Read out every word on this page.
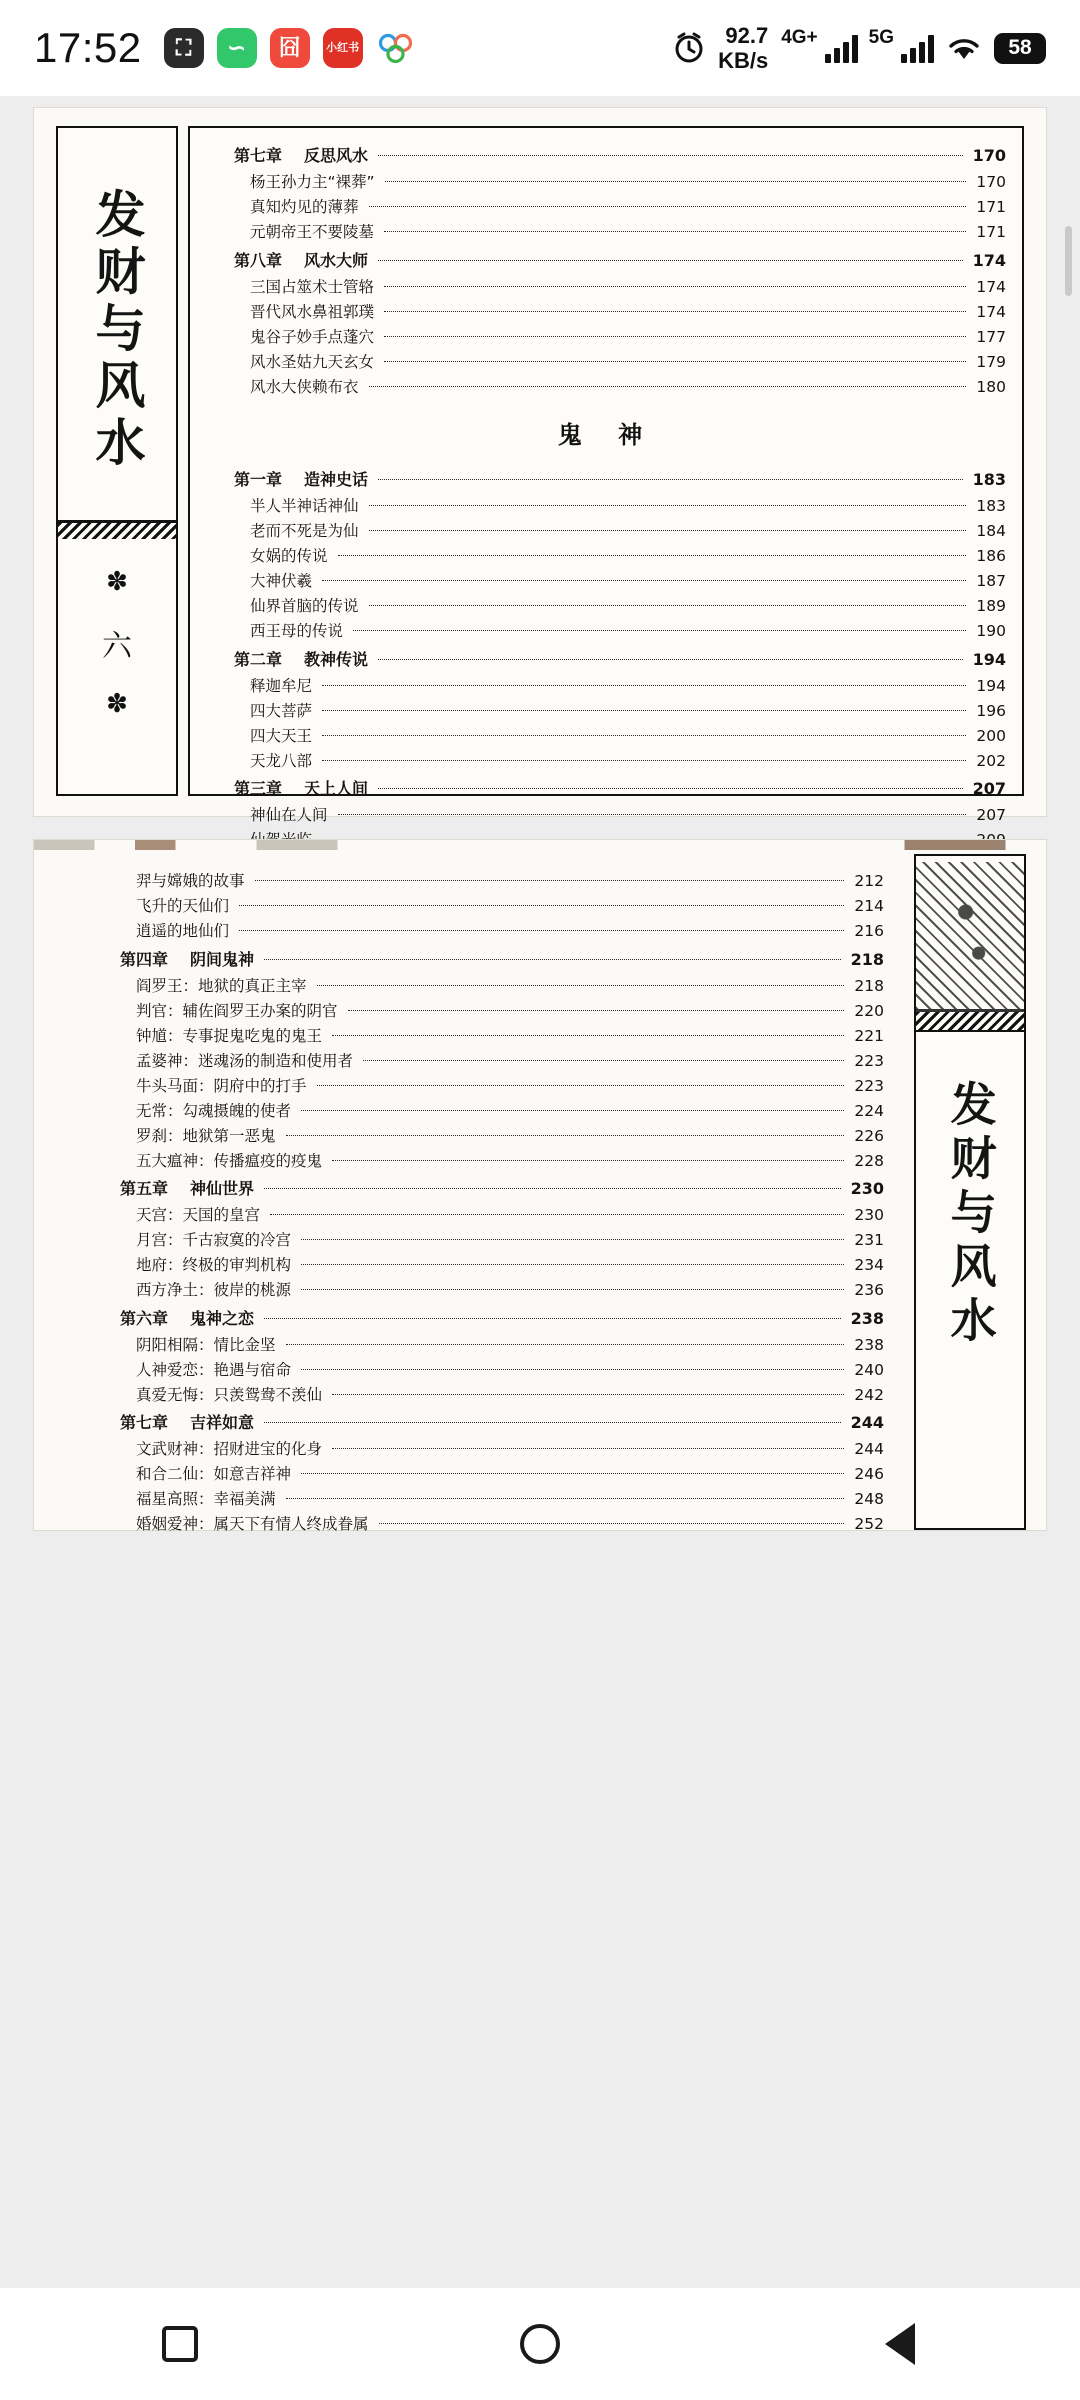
17:52 ⛶ ∽ 囧 小红书	92.7
KB/s
4G+	5G	58
发财与风水
✽
六
✽
第七章	反思风水	170
杨王孙力主“裸葬”	170
真知灼见的薄葬	171
元朝帝王不要陵墓	171
第八章	风水大师	174
三国占筮术士管辂	174
晋代风水鼻祖郭璞	174
鬼谷子妙手点蓬穴	177
风水圣姑九天玄女	179
风水大侠赖布衣	180
鬼 神
第一章	造神史话	183
半人半神话神仙	183
老而不死是为仙	184
女娲的传说	186
大神伏羲	187
仙界首脑的传说	189
西王母的传说	190
第二章	教神传说	194
释迦牟尼	194
四大菩萨	196
四大天王	200
天龙八部	202
第三章	天上人间	207
神仙在人间	207
羿与嫦娥的故事	212
飞升的天仙们	214
逍遥的地仙们	216
第四章	阴间鬼神	218
阎罗王：地狱的真正主宰	218
判官：辅佐阎罗王办案的阴官	220
钟馗：专事捉鬼吃鬼的鬼王	221
孟婆神：迷魂汤的制造和使用者	223
牛头马面：阴府中的打手	223
无常：勾魂摄魄的使者	224
罗刹：地狱第一恶鬼	226
五大瘟神：传播瘟疫的疫鬼	228
第五章	神仙世界	230
天宫：天国的皇宫	230
月宫：千古寂寞的冷宫	231
地府：终极的审判机构	234
西方净土：彼岸的桃源	236
第六章	鬼神之恋	238
阴阳相隔：情比金坚	238
人神爱恋：艳遇与宿命	240
真爱无悔：只羡鸳鸯不羡仙	242
第七章	吉祥如意	244
文武财神：招财进宝的化身	244
和合二仙：如意吉祥神	246
福星高照：幸福美满	248
婚姻爱神：属天下有情人终成眷属	252
发财与风水
